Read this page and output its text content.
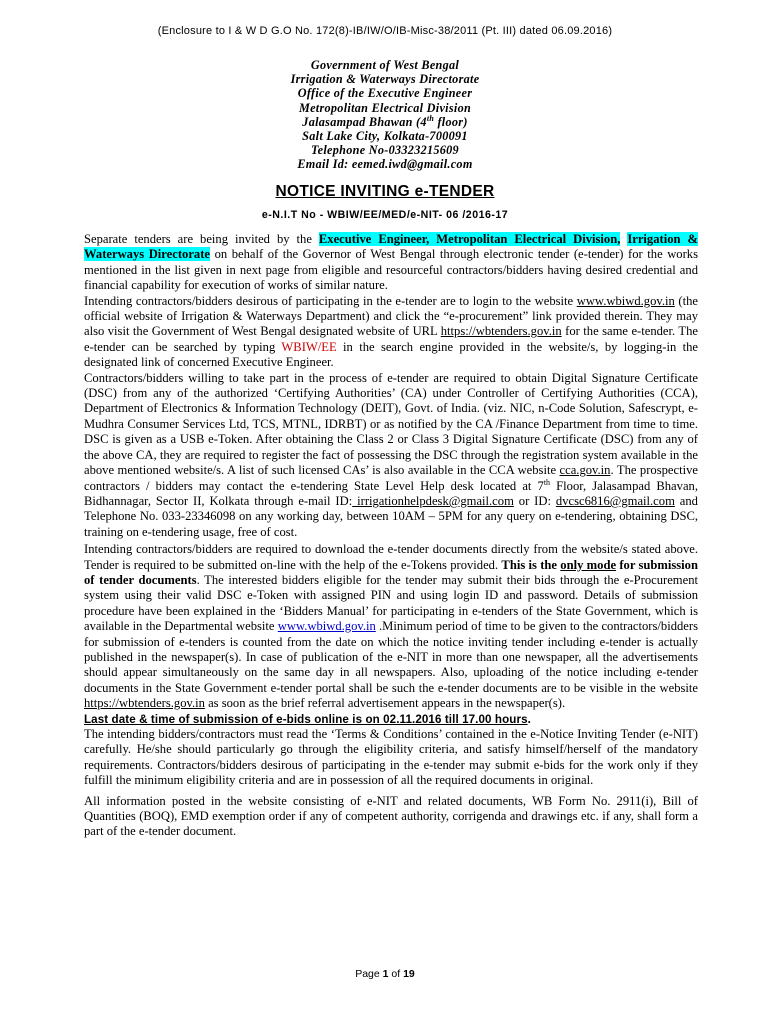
(Enclosure to I & W D G.O No. 172(8)-IB/IW/O/IB-Misc-38/2011 (Pt. III) dated 06.09.2016)
Government of West Bengal
Irrigation & Waterways Directorate
Office of the Executive Engineer
Metropolitan Electrical Division
Jalasampad Bhawan (4th floor)
Salt Lake City, Kolkata-700091
Telephone No-03323215609
Email Id: eemed.iwd@gmail.com
NOTICE INVITING e-TENDER
e-N.I.T No - WBIW/EE/MED/e-NIT- 06 /2016-17

Separate tenders are being invited by the Executive Engineer, Metropolitan Electrical Division, Irrigation & Waterways Directorate on behalf of the Governor of West Bengal through electronic tender (e-tender) for the works mentioned in the list given in next page from eligible and resourceful contractors/bidders having desired credential and financial capability for execution of works of similar nature.

Intending contractors/bidders desirous of participating in the e-tender are to login to the website www.wbiwd.gov.in (the official website of Irrigation & Waterways Department) and click the “e-procurement” link provided therein. They may also visit the Government of West Bengal designated website of URL https://wbtenders.gov.in for the same e-tender. The e-tender can be searched by typing WBIW/EE in the search engine provided in the website/s, by logging-in the designated link of concerned Executive Engineer.

Contractors/bidders willing to take part in the process of e-tender are required to obtain Digital Signature Certificate (DSC) from any of the authorized ‘Certifying Authorities’ (CA) under Controller of Certifying Authorities (CCA), Department of Electronics & Information Technology (DEIT), Govt. of India. (viz. NIC, n-Code Solution, Safescrypt, e-Mudhra Consumer Services Ltd, TCS, MTNL, IDRBT) or as notified by the CA /Finance Department from time to time. DSC is given as a USB e-Token. After obtaining the Class 2 or Class 3 Digital Signature Certificate (DSC) from any of the above CA, they are required to register the fact of possessing the DSC through the registration system available in the above mentioned website/s. A list of such licensed CAs’ is also available in the CCA website cca.gov.in. The prospective contractors / bidders may contact the e-tendering State Level Help desk located at 7th Floor, Jalasampad Bhavan, Bidhannagar, Sector II, Kolkata through e-mail ID: irrigationhelpdesk@gmail.com or ID: dvcsc6816@gmail.com and Telephone No. 033-23346098 on any working day, between 10AM – 5PM for any query on e-tendering, obtaining DSC, training on e-tendering usage, free of cost.

Intending contractors/bidders are required to download the e-tender documents directly from the website/s stated above. Tender is required to be submitted on-line with the help of the e-Tokens provided. This is the only mode for submission of tender documents. The interested bidders eligible for the tender may submit their bids through the e-Procurement system using their valid DSC e-Token with assigned PIN and using login ID and password. Details of submission procedure have been explained in the ‘Bidders Manual’ for participating in e-tenders of the State Government, which is available in the Departmental website www.wbiwd.gov.in .Minimum period of time to be given to the contractors/bidders for submission of e-tenders is counted from the date on which the notice inviting tender including e-tender is actually published in the newspaper(s). In case of publication of the e-NIT in more than one newspaper, all the advertisements should appear simultaneously on the same day in all newspapers. Also, uploading of the notice including e-tender documents in the State Government e-tender portal shall be such the e-tender documents are to be visible in the website https://wbtenders.gov.in as soon as the brief referral advertisement appears in the newspaper(s).

Last date & time of submission of e-bids online is on 02.11.2016 till 17.00 hours.

The intending bidders/contractors must read the ‘Terms & Conditions’ contained in the e-Notice Inviting Tender (e-NIT) carefully. He/she should particularly go through the eligibility criteria, and satisfy himself/herself of the mandatory requirements. Contractors/bidders desirous of participating in the e-tender may submit e-bids for the work only if they fulfill the minimum eligibility criteria and are in possession of all the required documents in original.

All information posted in the website consisting of e-NIT and related documents, WB Form No. 2911(i), Bill of Quantities (BOQ), EMD exemption order if any of competent authority, corrigenda and drawings etc. if any, shall form a part of the e-tender document.

Page 1 of 19
